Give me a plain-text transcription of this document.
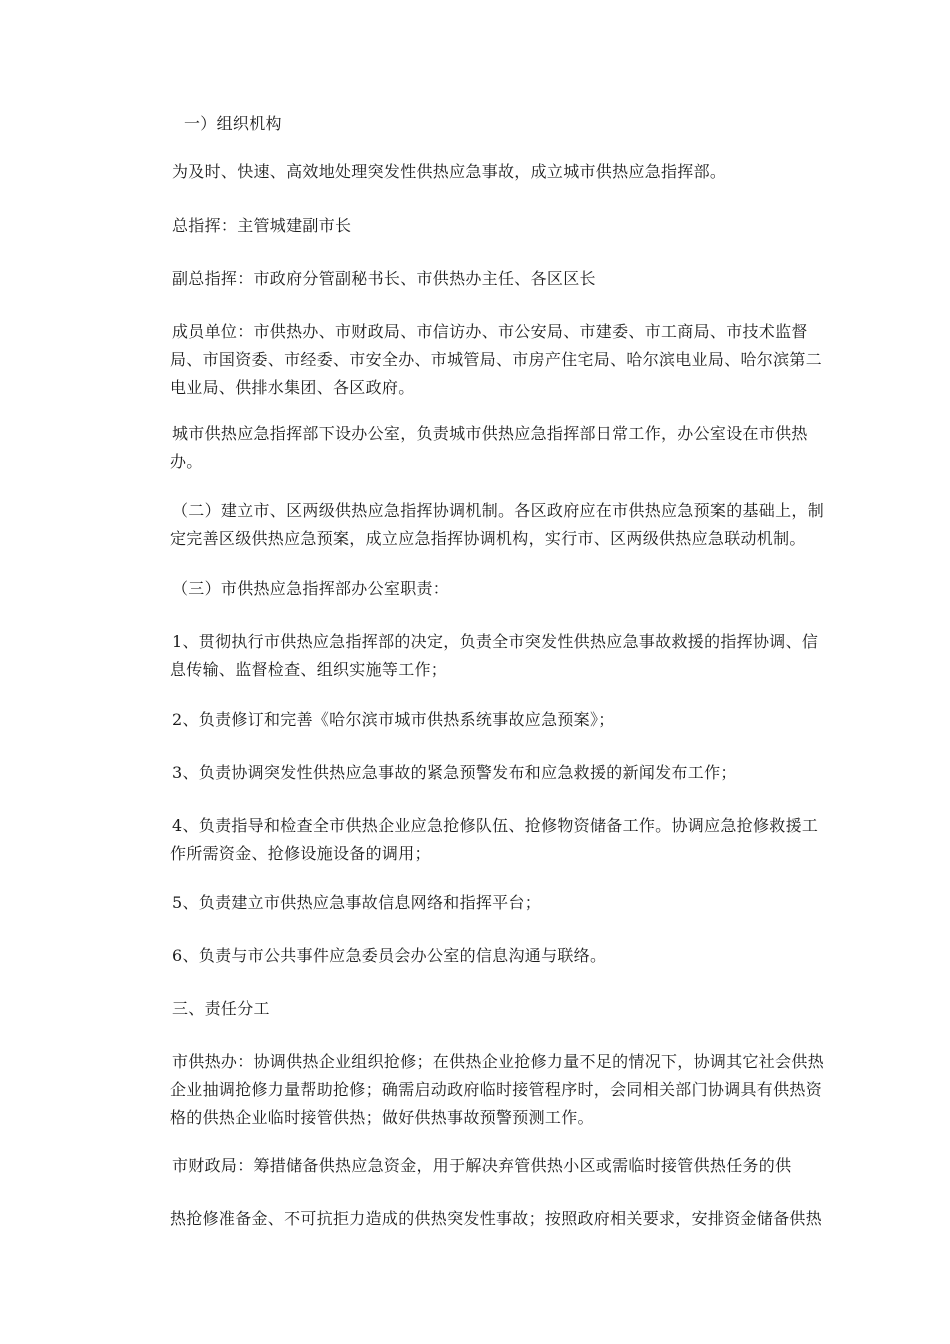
一）组织机构

为及时、快速、高效地处理突发性供热应急事故，成立城市供热应急指挥部。

总指挥：主管城建副市长

副总指挥：市政府分管副秘书长、市供热办主任、各区区长

成员单位：市供热办、市财政局、市信访办、市公安局、市建委、市工商局、市技术监督局、市国资委、市经委、市安全办、市城管局、市房产住宅局、哈尔滨电业局、哈尔滨第二电业局、供排水集团、各区政府。

城市供热应急指挥部下设办公室，负责城市供热应急指挥部日常工作，办公室设在市供热办。

（二）建立市、区两级供热应急指挥协调机制。各区政府应在市供热应急预案的基础上，制定完善区级供热应急预案，成立应急指挥协调机构，实行市、区两级供热应急联动机制。

（三）市供热应急指挥部办公室职责：

1、贯彻执行市供热应急指挥部的决定，负责全市突发性供热应急事故救援的指挥协调、信息传输、监督检查、组织实施等工作；

2、负责修订和完善《哈尔滨市城市供热系统事故应急预案》；

3、负责协调突发性供热应急事故的紧急预警发布和应急救援的新闻发布工作；

4、负责指导和检查全市供热企业应急抢修队伍、抢修物资储备工作。协调应急抢修救援工作所需资金、抢修设施设备的调用；

5、负责建立市供热应急事故信息网络和指挥平台；

6、负责与市公共事件应急委员会办公室的信息沟通与联络。

三、责任分工

市供热办：协调供热企业组织抢修；在供热企业抢修力量不足的情况下，协调其它社会供热企业抽调抢修力量帮助抢修；确需启动政府临时接管程序时，会同相关部门协调具有供热资格的供热企业临时接管供热；做好供热事故预警预测工作。

市财政局：筹措储备供热应急资金，用于解决弃管供热小区或需临时接管供热任务的供

热抢修准备金、不可抗拒力造成的供热突发性事故；按照政府相关要求，安排资金储备供热
